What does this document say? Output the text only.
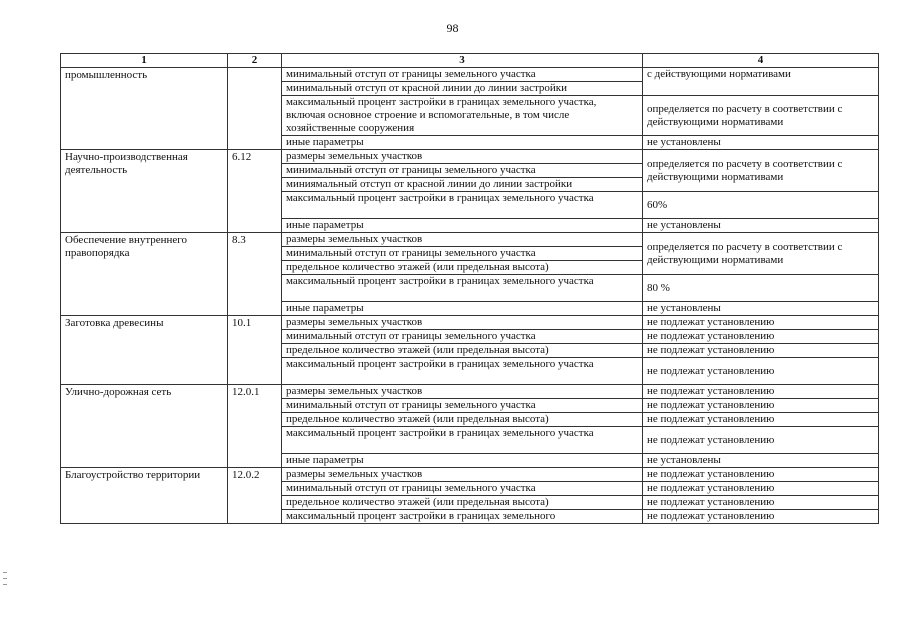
98
1	2	3	4
промышленность		минимальный отступ от границы земельного участка	с действующими нормативами
		минимальный отступ от красной линии до линии застройки	
		максимальный процент застройки в границах земельного участка, включая основное строение и вспомогательные, в том числе хозяйственные сооружения	определяется по расчету в соответствии с действующими нормативами
		иные параметры	не установлены
Научно-производственная деятельность	6.12	размеры земельных участков	определяется по расчету в соответствии с действующими нормативами
		минимальный отступ от границы земельного участка	
		миниямальный отступ от красной линии до линии застройки	
		максимальный процент застройки в границах земельного участка	60%
		иные параметры	не установлены
Обеспечение внутреннего правопорядка	8.3	размеры земельных участков	определяется по расчету в соответствии с действующими нормативами
		минимальный отступ от границы земельного участка	
		предельное количество этажей (или предельная высота)	
		максимальный процент застройки в границах земельного участка	80 %
		иные параметры	не установлены
Заготовка древесины	10.1	размеры земельных участков	не подлежат установлению
		минимальный отступ от границы земельного участка	не подлежат установлению
		предельное количество этажей (или предельная высота)	не подлежат установлению
		максимальный процент застройки в границах земельного участка	не подлежат установлению
Улично-дорожная сеть	12.0.1	размеры земельных участков	не подлежат установлению
		минимальный отступ от границы земельного участка	не подлежат установлению
		предельное количество этажей (или предельная высота)	не подлежат установлению
		максимальный процент застройки в границах земельного участка	не подлежат установлению
		иные параметры	не установлены
Благоустройство территории	12.0.2	размеры земельных участков	не подлежат установлению
		минимальный отступ от границы земельного участка	не подлежат установлению
		предельное количество этажей (или предельная высота)	не подлежат установлению
		максимальный процент застройки в границах земельного	не подлежат установлению
